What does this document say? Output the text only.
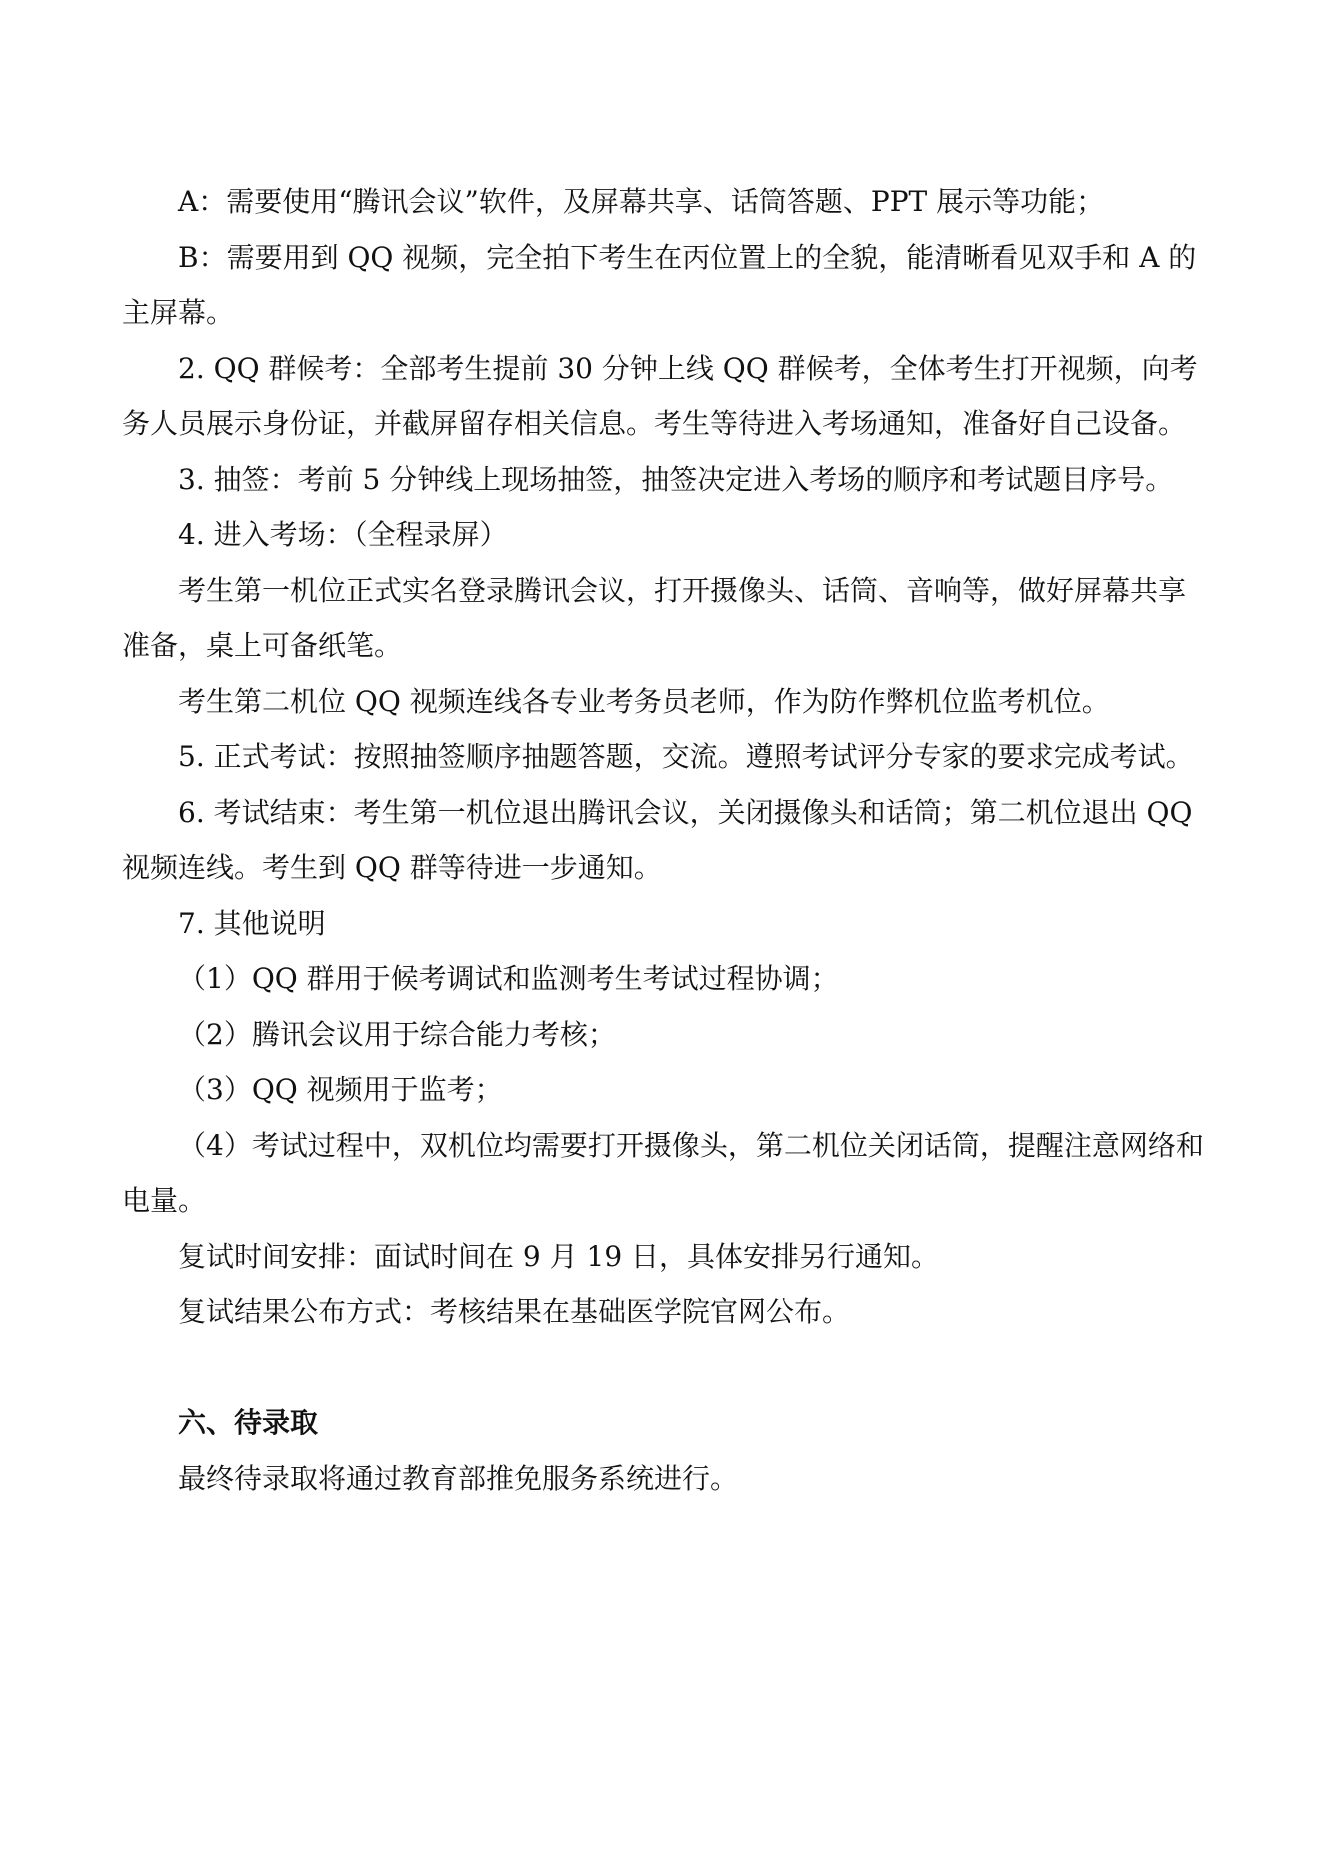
A：需要使用“腾讯会议”软件，及屏幕共享、话筒答题、PPT 展示等功能；

B：需要用到 QQ 视频，完全拍下考生在丙位置上的全貌，能清晰看见双手和 A 的主屏幕。

2. QQ 群候考：全部考生提前 30 分钟上线 QQ 群候考，全体考生打开视频，向考务人员展示身份证，并截屏留存相关信息。考生等待进入考场通知，准备好自己设备。

3. 抽签：考前 5 分钟线上现场抽签，抽签决定进入考场的顺序和考试题目序号。

4. 进入考场：（全程录屏）

考生第一机位正式实名登录腾讯会议，打开摄像头、话筒、音响等，做好屏幕共享准备，桌上可备纸笔。

考生第二机位 QQ 视频连线各专业考务员老师，作为防作弊机位监考机位。

5. 正式考试：按照抽签顺序抽题答题，交流。遵照考试评分专家的要求完成考试。

6. 考试结束：考生第一机位退出腾讯会议，关闭摄像头和话筒；第二机位退出 QQ 视频连线。考生到 QQ 群等待进一步通知。

7. 其他说明

（1）QQ 群用于候考调试和监测考生考试过程协调；

（2）腾讯会议用于综合能力考核；

（3）QQ 视频用于监考；

（4）考试过程中，双机位均需要打开摄像头，第二机位关闭话筒，提醒注意网络和电量。

复试时间安排：面试时间在 9 月 19 日，具体安排另行通知。

复试结果公布方式：考核结果在基础医学院官网公布。

六、待录取

最终待录取将通过教育部推免服务系统进行。
